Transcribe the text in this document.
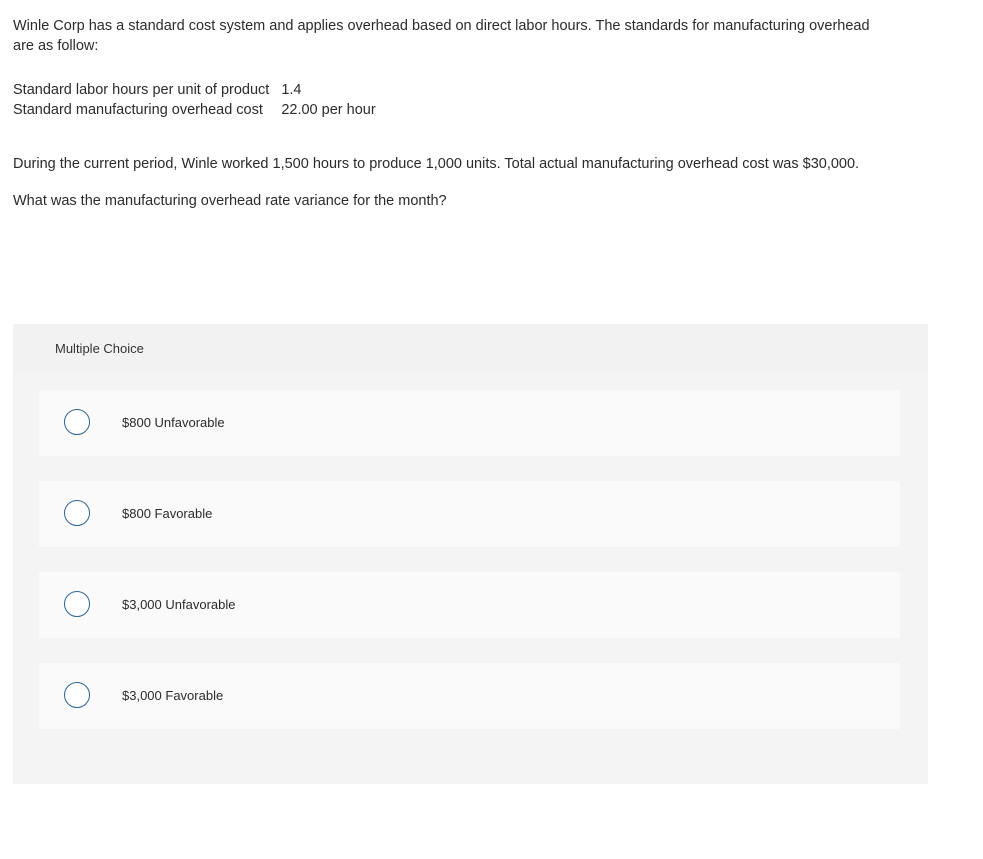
Winle Corp has a standard cost system and applies overhead based on direct labor hours. The standards for manufacturing overhead are as follow:

Standard labor hours per unit of product	1.4
Standard manufacturing overhead cost	22.00 per hour

During the current period, Winle worked 1,500 hours to produce 1,000 units. Total actual manufacturing overhead cost was $30,000.

What was the manufacturing overhead rate variance for the month?

Multiple Choice
$800 Unfavorable
$800 Favorable
$3,000 Unfavorable
$3,000 Favorable
